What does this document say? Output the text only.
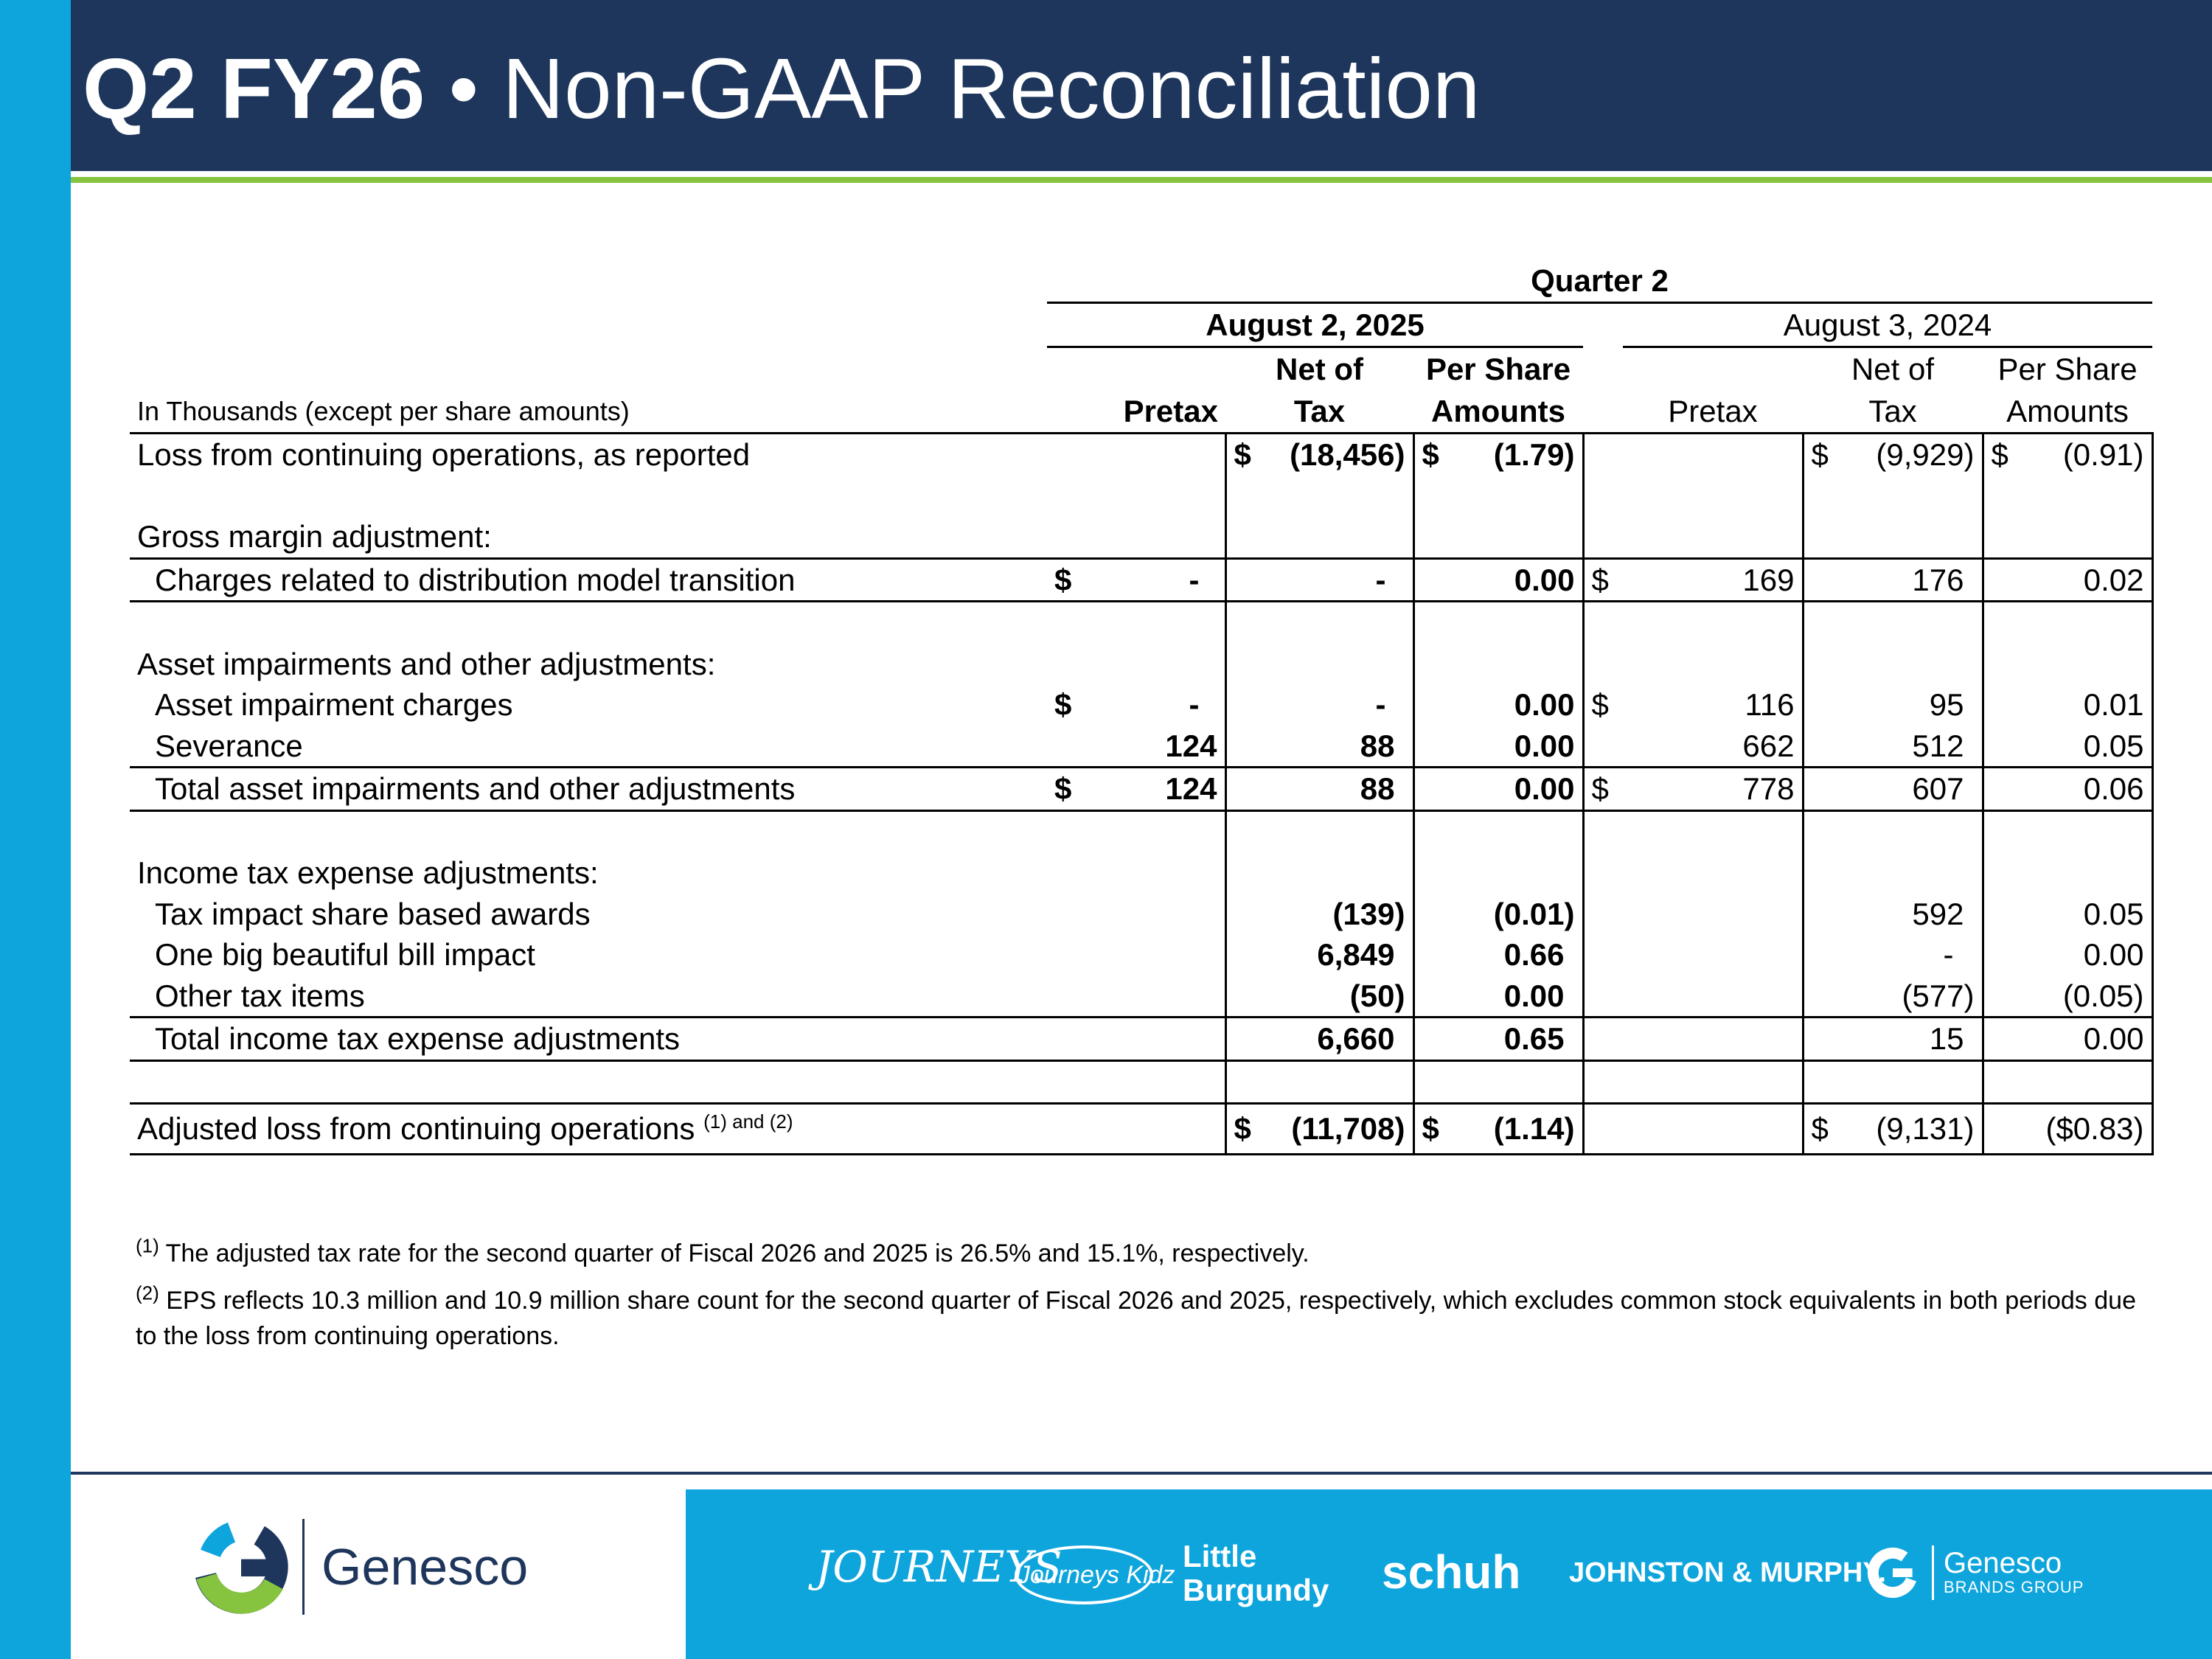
Q2 FY26 • Non-GAAP Reconciliation
	Quarter 2						
	August 2, 2025				August 3, 2024		
		Net of	Per Share			Net of	Per Share
In Thousands (except per share amounts)	Pretax	Tax	Amounts		Pretax	Tax	Amounts
Loss from continuing operations, as reported		$ (18,456)	$ (1.79)			$ (9,929)	$ (0.91)

Gross margin adjustment:							
Charges related to distribution model transition	$ -	-	0.00	$	169	176	0.02

Asset impairments and other adjustments:							
Asset impairment charges	$ -	-	0.00	$	116	95	0.01
Severance	124	88	0.00		662	512	0.05
Total asset impairments and other adjustments	$ 124	88	0.00	$	778	607	0.06

Income tax expense adjustments:							
Tax impact share based awards		(139)	(0.01)			592	0.05
One big beautiful bill impact		6,849	0.66			-	0.00
Other tax items		(50)	0.00			(577)	(0.05)
Total income tax expense adjustments		6,660	0.65			15	0.00

Adjusted loss from continuing operations $^{(1) and (2)}$		$ (11,708)	$ (1.14)			$ (9,131)	($0.83)

$^{(1)}$ The adjusted tax rate for the second quarter of Fiscal 2026 and 2025 is 26.5% and 15.1%, respectively.

$^{(2)}$ EPS reflects 10.3 million and 10.9 million share count for the second quarter of Fiscal 2026 and 2025, respectively, which excludes common stock equivalents in both periods due to the loss from continuing operations.

Genesco	JOURNEYS
Journeys Kidz
Little
Burgundy schuh JOHNSTON & MURPHY. Genesco
BRANDS GROUP
